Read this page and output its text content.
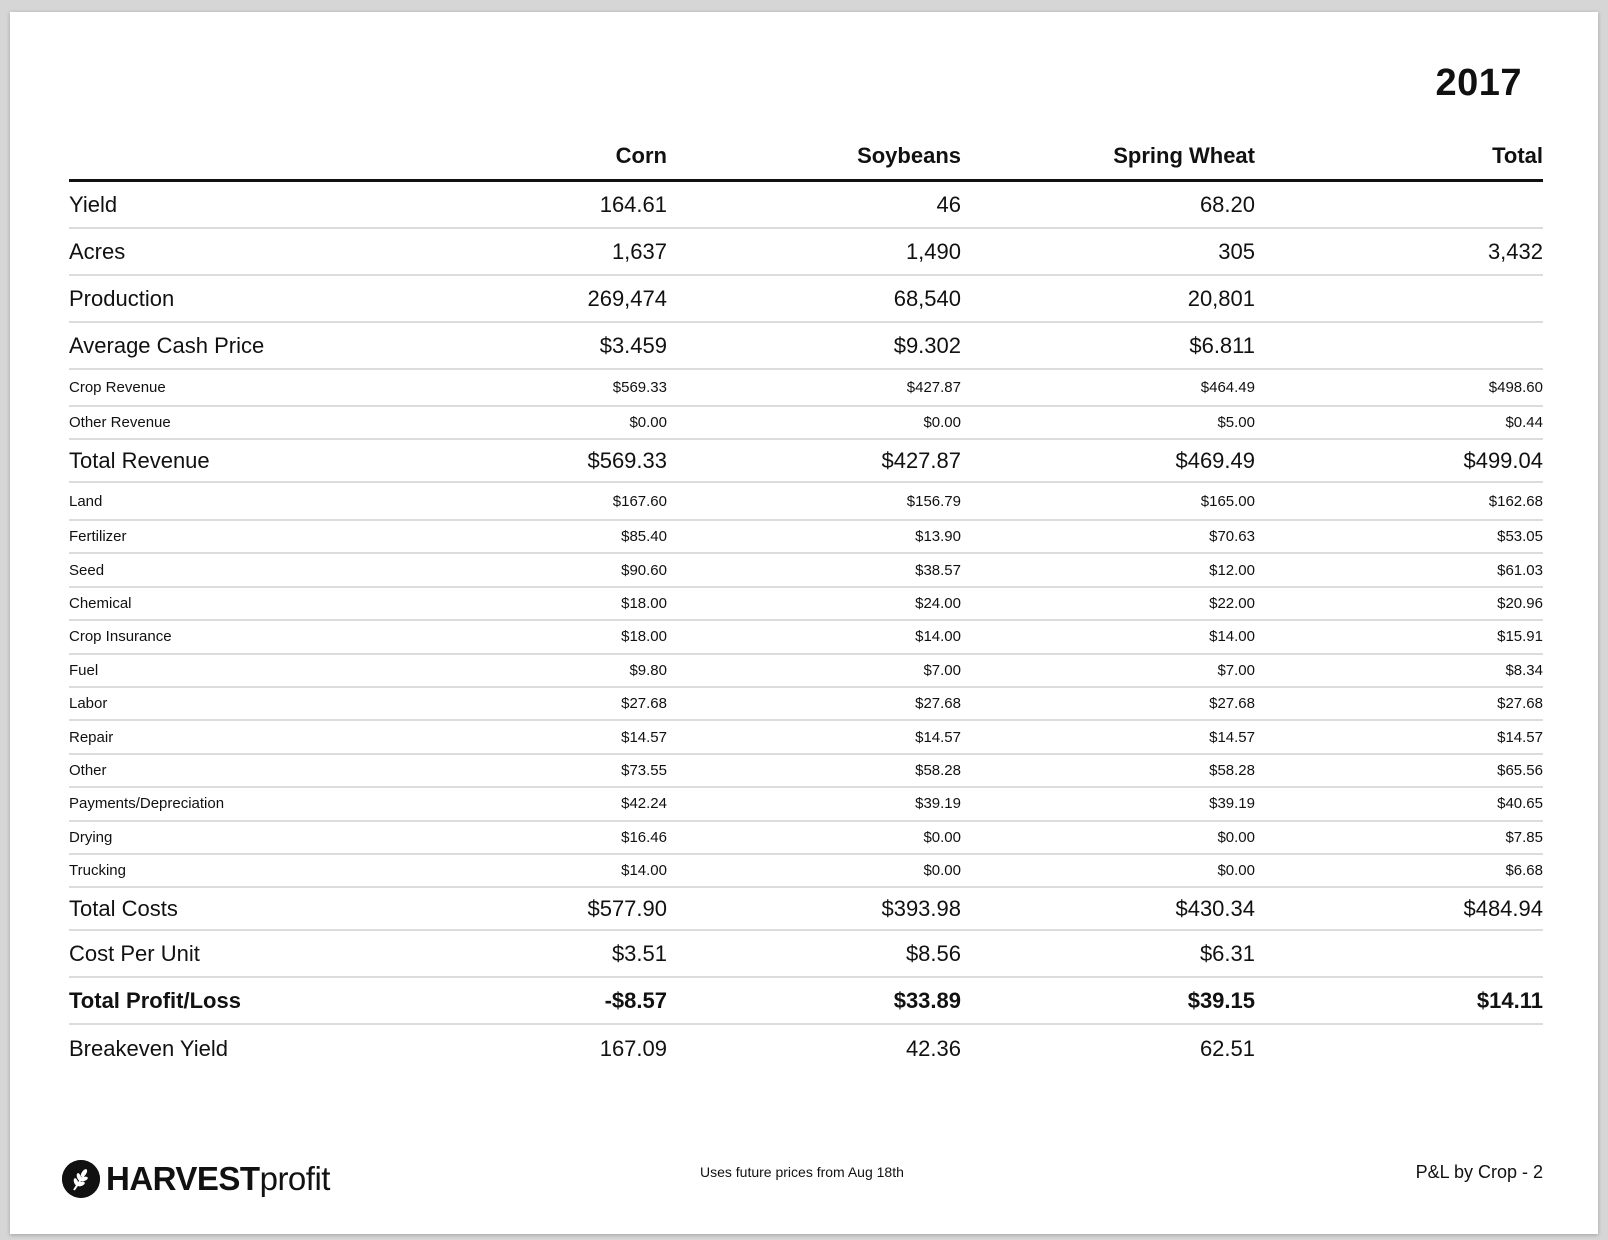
2017
Corn	Soybeans	Spring Wheat	Total
Yield	164.61	46	68.20
Acres	1,637	1,490	305	3,432
Production	269,474	68,540	20,801
Average Cash Price	$3.459	$9.302	$6.811
Crop Revenue	$569.33	$427.87	$464.49	$498.60
Other Revenue	$0.00	$0.00	$5.00	$0.44
Total Revenue	$569.33	$427.87	$469.49	$499.04
Land	$167.60	$156.79	$165.00	$162.68
Fertilizer	$85.40	$13.90	$70.63	$53.05
Seed	$90.60	$38.57	$12.00	$61.03
Chemical	$18.00	$24.00	$22.00	$20.96
Crop Insurance	$18.00	$14.00	$14.00	$15.91
Fuel	$9.80	$7.00	$7.00	$8.34
Labor	$27.68	$27.68	$27.68	$27.68
Repair	$14.57	$14.57	$14.57	$14.57
Other	$73.55	$58.28	$58.28	$65.56
Payments/Depreciation	$42.24	$39.19	$39.19	$40.65
Drying	$16.46	$0.00	$0.00	$7.85
Trucking	$14.00	$0.00	$0.00	$6.68
Total Costs	$577.90	$393.98	$430.34	$484.94
Cost Per Unit	$3.51	$8.56	$6.31
Total Profit/Loss	-$8.57	$33.89	$39.15	$14.11
Breakeven Yield	167.09	42.36	62.51
HARVESTprofit	Uses future prices from Aug 18th	P&L by Crop - 2
